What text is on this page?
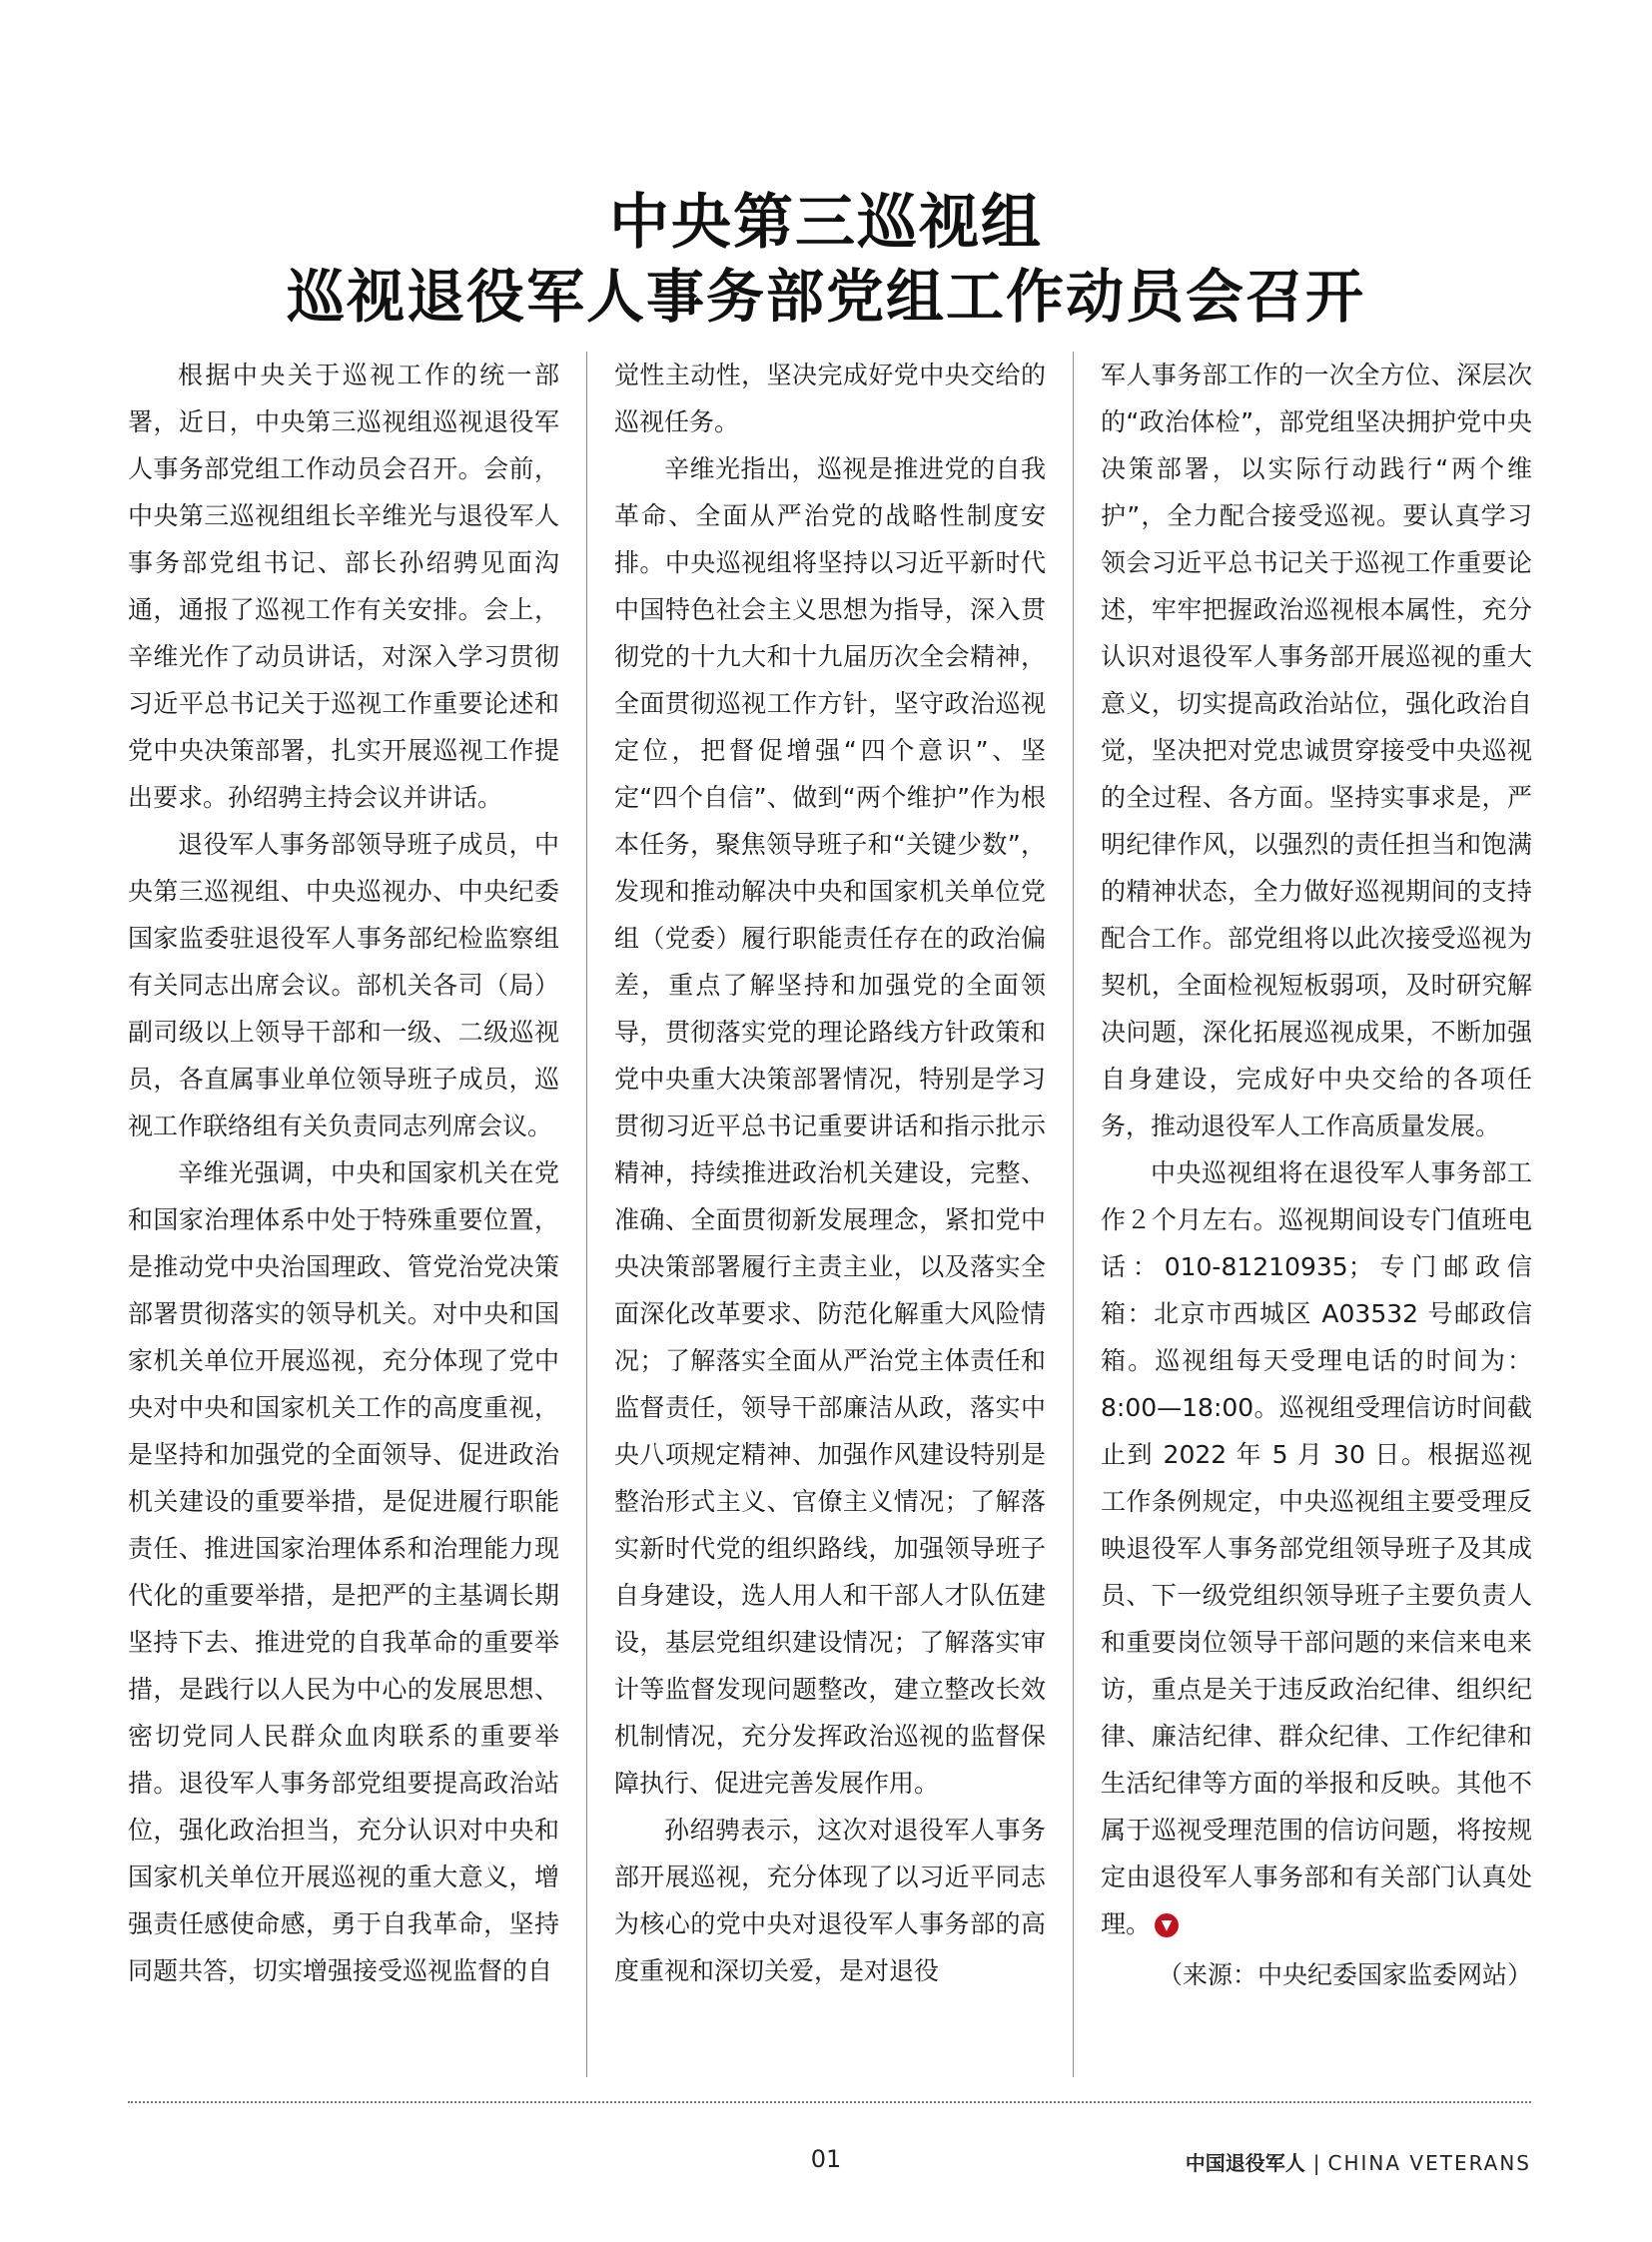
中央第三巡视组
巡视退役军人事务部党组工作动员会召开

根据中央关于巡视工作的统一部署，近日，中央第三巡视组巡视退役军人事务部党组工作动员会召开。会前，中央第三巡视组组长辛维光与退役军人事务部党组书记、部长孙绍骋见面沟通，通报了巡视工作有关安排。会上，辛维光作了动员讲话，对深入学习贯彻习近平总书记关于巡视工作重要论述和党中央决策部署，扎实开展巡视工作提出要求。孙绍骋主持会议并讲话。

退役军人事务部领导班子成员，中央第三巡视组、中央巡视办、中央纪委国家监委驻退役军人事务部纪检监察组有关同志出席会议。部机关各司（局）副司级以上领导干部和一级、二级巡视员，各直属事业单位领导班子成员，巡视工作联络组有关负责同志列席会议。

辛维光强调，中央和国家机关在党和国家治理体系中处于特殊重要位置，是推动党中央治国理政、管党治党决策部署贯彻落实的领导机关。对中央和国家机关单位开展巡视，充分体现了党中央对中央和国家机关工作的高度重视，是坚持和加强党的全面领导、促进政治机关建设的重要举措，是促进履行职能责任、推进国家治理体系和治理能力现代化的重要举措，是把严的主基调长期坚持下去、推进党的自我革命的重要举措，是践行以人民为中心的发展思想、密切党同人民群众血肉联系的重要举措。退役军人事务部党组要提高政治站位，强化政治担当，充分认识对中央和国家机关单位开展巡视的重大意义，增强责任感使命感，勇于自我革命，坚持同题共答，切实增强接受巡视监督的自

觉性主动性，坚决完成好党中央交给的巡视任务。

辛维光指出，巡视是推进党的自我革命、全面从严治党的战略性制度安排。中央巡视组将坚持以习近平新时代中国特色社会主义思想为指导，深入贯彻党的十九大和十九届历次全会精神，全面贯彻巡视工作方针，坚守政治巡视定位，把督促增强“四个意识”、坚定“四个自信”、做到“两个维护”作为根本任务，聚焦领导班子和“关键少数”，发现和推动解决中央和国家机关单位党组（党委）履行职能责任存在的政治偏差，重点了解坚持和加强党的全面领导，贯彻落实党的理论路线方针政策和党中央重大决策部署情况，特别是学习贯彻习近平总书记重要讲话和指示批示精神，持续推进政治机关建设，完整、准确、全面贯彻新发展理念，紧扣党中央决策部署履行主责主业，以及落实全面深化改革要求、防范化解重大风险情况；了解落实全面从严治党主体责任和监督责任，领导干部廉洁从政，落实中央八项规定精神、加强作风建设特别是整治形式主义、官僚主义情况；了解落实新时代党的组织路线，加强领导班子自身建设，选人用人和干部人才队伍建设，基层党组织建设情况；了解落实审计等监督发现问题整改，建立整改长效机制情况，充分发挥政治巡视的监督保障执行、促进完善发展作用。

孙绍骋表示，这次对退役军人事务部开展巡视，充分体现了以习近平同志为核心的党中央对退役军人事务部的高度重视和深切关爱，是对退役

军人事务部工作的一次全方位、深层次的“政治体检”，部党组坚决拥护党中央决策部署，以实际行动践行“两个维护”，全力配合接受巡视。要认真学习领会习近平总书记关于巡视工作重要论述，牢牢把握政治巡视根本属性，充分认识对退役军人事务部开展巡视的重大意义，切实提高政治站位，强化政治自觉，坚决把对党忠诚贯穿接受中央巡视的全过程、各方面。坚持实事求是，严明纪律作风，以强烈的责任担当和饱满的精神状态，全力做好巡视期间的支持配合工作。部党组将以此次接受巡视为契机，全面检视短板弱项，及时研究解决问题，深化拓展巡视成果，不断加强自身建设，完成好中央交给的各项任务，推动退役军人工作高质量发展。

中央巡视组将在退役军人事务部工作２个月左右。巡视期间设专门值班电话：010-81210935；专门邮政信箱：北京市西城区 A03532 号邮政信箱。巡视组每天受理电话的时间为：8:00—18:00。巡视组受理信访时间截止到 2022 年 5 月 30 日。根据巡视工作条例规定，中央巡视组主要受理反映退役军人事务部党组领导班子及其成员、下一级党组织领导班子主要负责人和重要岗位领导干部问题的来信来电来访，重点是关于违反政治纪律、组织纪律、廉洁纪律、群众纪律、工作纪律和生活纪律等方面的举报和反映。其他不属于巡视受理范围的信访问题，将按规定由退役军人事务部和有关部门认真处理。 ▼

（来源：中央纪委国家监委网站）
01	中国退役军人 | CHINA VETERANS
